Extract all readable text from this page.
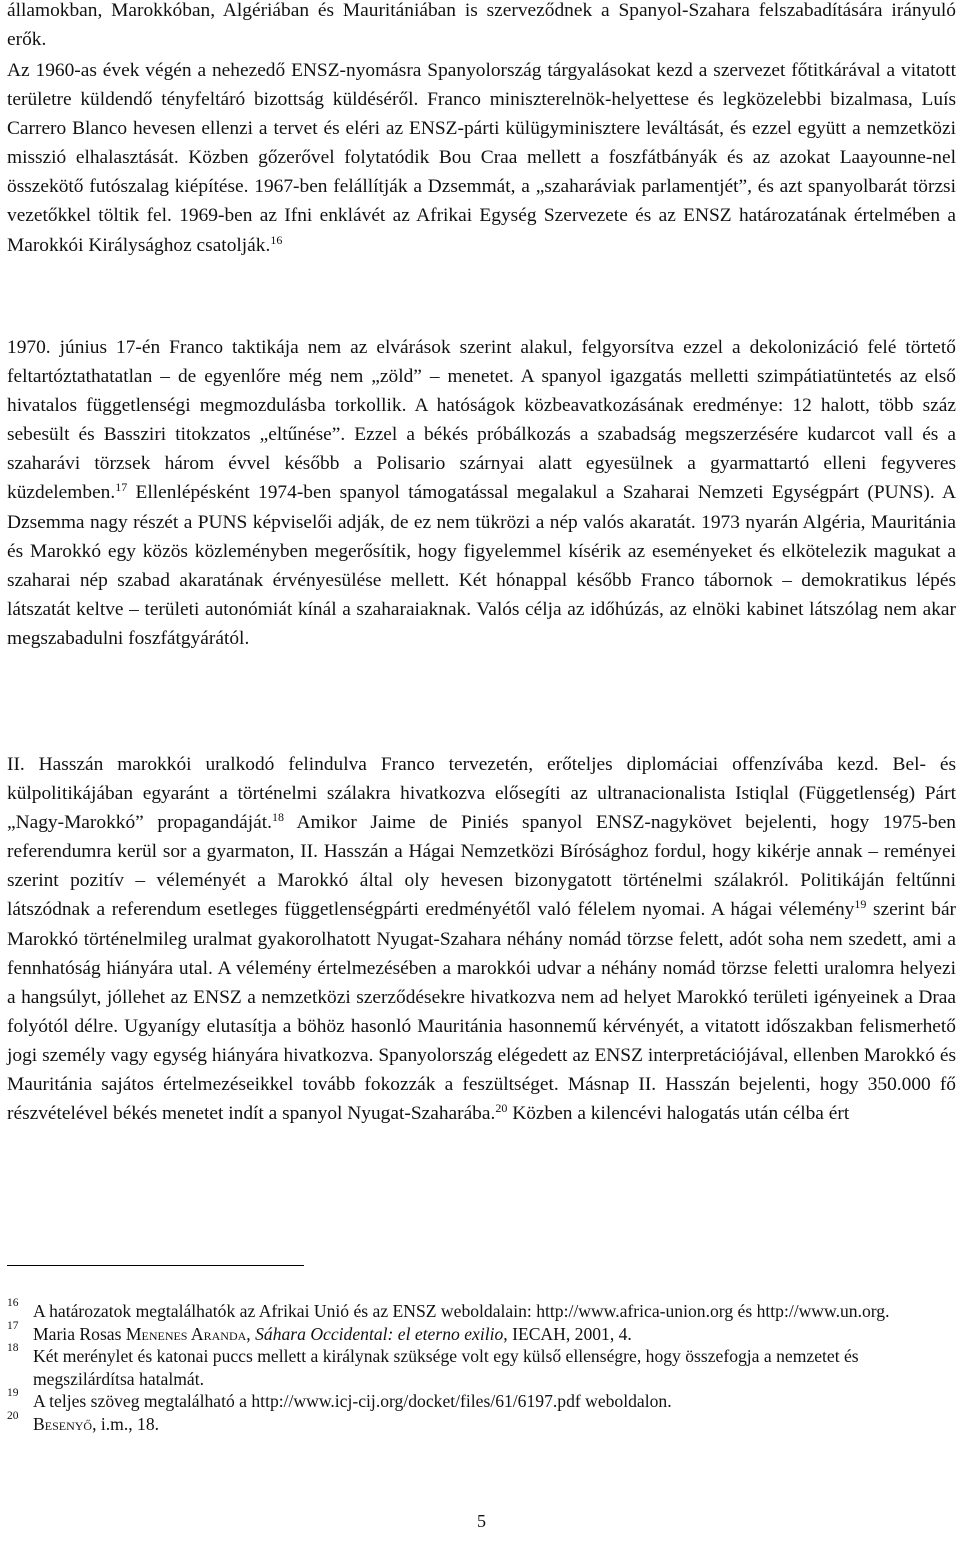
államokban, Marokkóban, Algériában és Mauritániában is szerveződnek a Spanyol-Szahara felszabadítására irányuló erők.

Az 1960-as évek végén a nehezedő ENSZ-nyomásra Spanyolország tárgyalásokat kezd a szervezet főtitkárával a vitatott területre küldendő tényfeltáró bizottság küldéséről. Franco miniszterelnök-helyettese és legközelebbi bizalmasa, Luís Carrero Blanco hevesen ellenzi a tervet és eléri az ENSZ-párti külügyminisztere leváltását, és ezzel együtt a nemzetközi misszió elhalasztását. Közben gőzerővel folytatódik Bou Craa mellett a foszfátbányák és az azokat Laayounne-nel összekötő futószalag kiépítése. 1967-ben felállítják a Dzsemmát, a „szaharáviak parlamentjét”, és azt spanyolbarát törzsi vezetőkkel töltik fel. 1969-ben az Ifni enklávét az Afrikai Egység Szervezete és az ENSZ határozatának értelmében a Marokkói Királysághoz csatolják.$^{16}$

1970. június 17-én Franco taktikája nem az elvárások szerint alakul, felgyorsítva ezzel a dekolonizáció felé törtető feltartóztathatatlan – de egyenlőre még nem „zöld” – menetet. A spanyol igazgatás melletti szimpátiatüntetés az első hivatalos függetlenségi megmozdulásba torkollik. A hatóságok közbeavatkozásának eredménye: 12 halott, több száz sebesült és Bassziri titokzatos „eltűnése”. Ezzel a békés próbálkozás a szabadság megszerzésére kudarcot vall és a szaharávi törzsek három évvel később a Polisario szárnyai alatt egyesülnek a gyarmattartó elleni fegyveres küzdelemben.$^{17}$ Ellenlépésként 1974-ben spanyol támogatással megalakul a Szaharai Nemzeti Egységpárt (PUNS). A Dzsemma nagy részét a PUNS képviselői adják, de ez nem tükrözi a nép valós akaratát. 1973 nyarán Algéria, Mauritánia és Marokkó egy közös közleményben megerősítik, hogy figyelemmel kísérik az eseményeket és elkötelezik magukat a szaharai nép szabad akaratának érvényesülése mellett. Két hónappal később Franco tábornok – demokratikus lépés látszatát keltve – területi autonómiát kínál a szaharaiaknak. Valós célja az időhúzás, az elnöki kabinet látszólag nem akar megszabadulni foszfátgyárától.

II. Hasszán marokkói uralkodó felindulva Franco tervezetén, erőteljes diplomáciai offenzívába kezd. Bel- és külpolitikájában egyaránt a történelmi szálakra hivatkozva elősegíti az ultranacionalista Istiqlal (Függetlenség) Párt „Nagy-Marokkó” propagandáját.$^{18}$ Amikor Jaime de Piniés spanyol ENSZ-nagykövet bejelenti, hogy 1975-ben referendumra kerül sor a gyarmaton, II. Hasszán a Hágai Nemzetközi Bírósághoz fordul, hogy kikérje annak – reményei szerint pozitív – véleményét a Marokkó által oly hevesen bizonygatott történelmi szálakról. Politikáján feltűnni látszódnak a referendum esetleges függetlenségpárti eredményétől való félelem nyomai. A hágai vélemény$^{19}$ szerint bár Marokkó történelmileg uralmat gyakorolhatott Nyugat-Szahara néhány nomád törzse felett, adót soha nem szedett, ami a fennhatóság hiányára utal. A vélemény értelmezésében a marokkói udvar a néhány nomád törzse feletti uralomra helyezi a hangsúlyt, jóllehet az ENSZ a nemzetközi szerződésekre hivatkozva nem ad helyet Marokkó területi igényeinek a Draa folyótól délre. Ugyanígy elutasítja a böhöz hasonló Mauritánia hasonnemű kérvényét, a vitatott időszakban felismerhető jogi személy vagy egység hiányára hivatkozva. Spanyolország elégedett az ENSZ interpretációjával, ellenben Marokkó és Mauritánia sajátos értelmezéseikkel tovább fokozzák a feszültséget. Másnap II. Hasszán bejelenti, hogy 350.000 fő részvételével békés menetet indít a spanyol Nyugat-Szaharába.$^{20}$ Közben a kilencévi halogatás után célba ért

16 A határozatok megtalálhatók az Afrikai Unió és az ENSZ weboldalain: http://www.africa-union.org és http://www.un.org.
17 Maria Rosas Menenes Aranda, Sáhara Occidental: el eterno exilio, IECAH, 2001, 4.
18 Két merénylet és katonai puccs mellett a királynak szüksége volt egy külső ellenségre, hogy összefogja a nemzetet és megszilárdítsa hatalmát.
19 A teljes szöveg megtalálható a http://www.icj-cij.org/docket/files/61/6197.pdf weboldalon.
20 Besenyő, i.m., 18.
5
